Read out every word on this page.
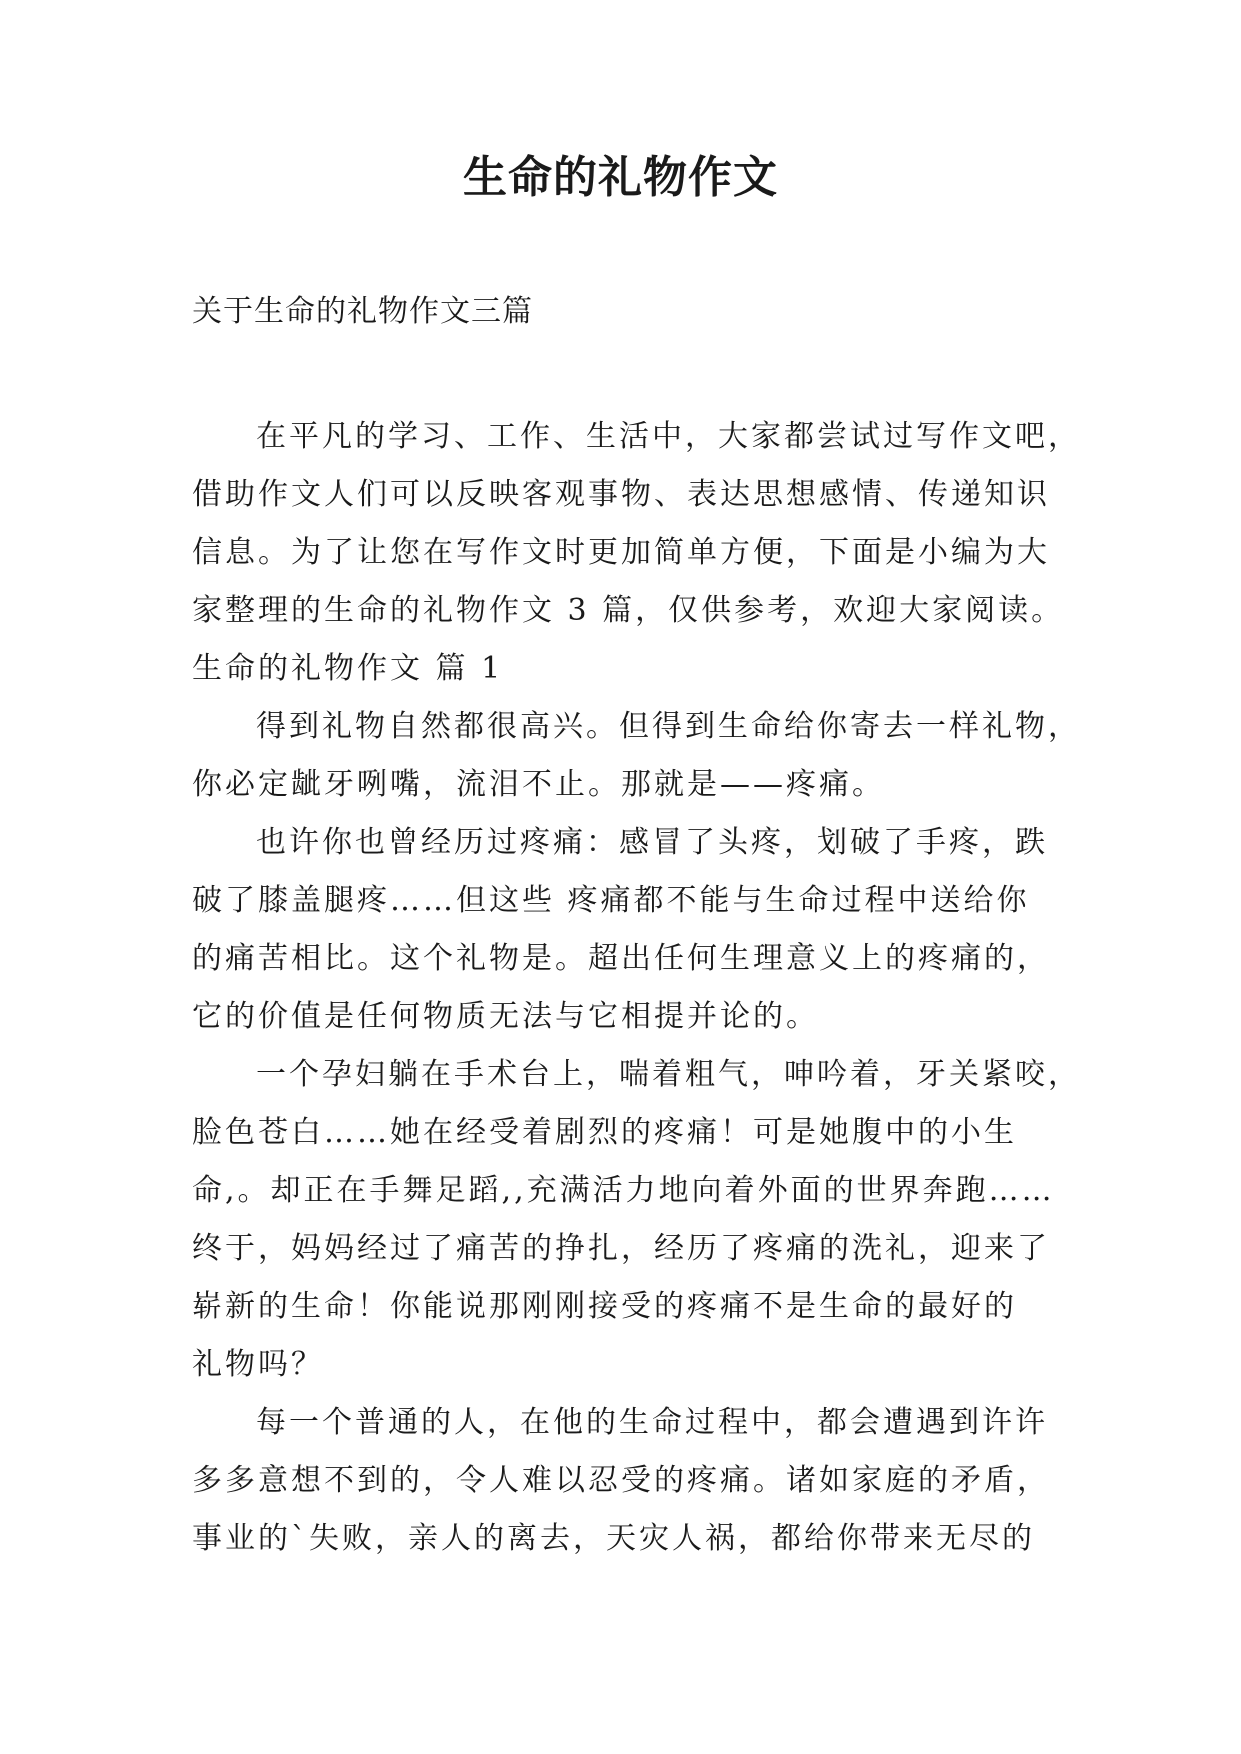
生命的礼物作文

关于生命的礼物作文三篇

在平凡的学习、工作、生活中，大家都尝试过写作文吧，
借助作文人们可以反映客观事物、表达思想感情、传递知识
信息。为了让您在写作文时更加简单方便，下面是小编为大
家整理的生命的礼物作文 3 篇，仅供参考，欢迎大家阅读。
生命的礼物作文 篇 1
得到礼物自然都很高兴。但得到生命给你寄去一样礼物，
你必定龇牙咧嘴，流泪不止。那就是——疼痛。
也许你也曾经历过疼痛：感冒了头疼，划破了手疼，跌
破了膝盖腿疼……但这些 疼痛都不能与生命过程中送给你
的痛苦相比。这个礼物是。超出任何生理意义上的疼痛的，
它的价值是任何物质无法与它相提并论的。
一个孕妇躺在手术台上，喘着粗气，呻吟着，牙关紧咬，
脸色苍白……她在经受着剧烈的疼痛！可是她腹中的小生
命,。却正在手舞足蹈,,充满活力地向着外面的世界奔跑……
终于，妈妈经过了痛苦的挣扎，经历了疼痛的洗礼，迎来了
崭新的生命！你能说那刚刚接受的疼痛不是生命的最好的
礼物吗？
每一个普通的人，在他的生命过程中，都会遭遇到许许
多多意想不到的，令人难以忍受的疼痛。诸如家庭的矛盾，
事业的`失败，亲人的离去，天灾人祸，都给你带来无尽的
